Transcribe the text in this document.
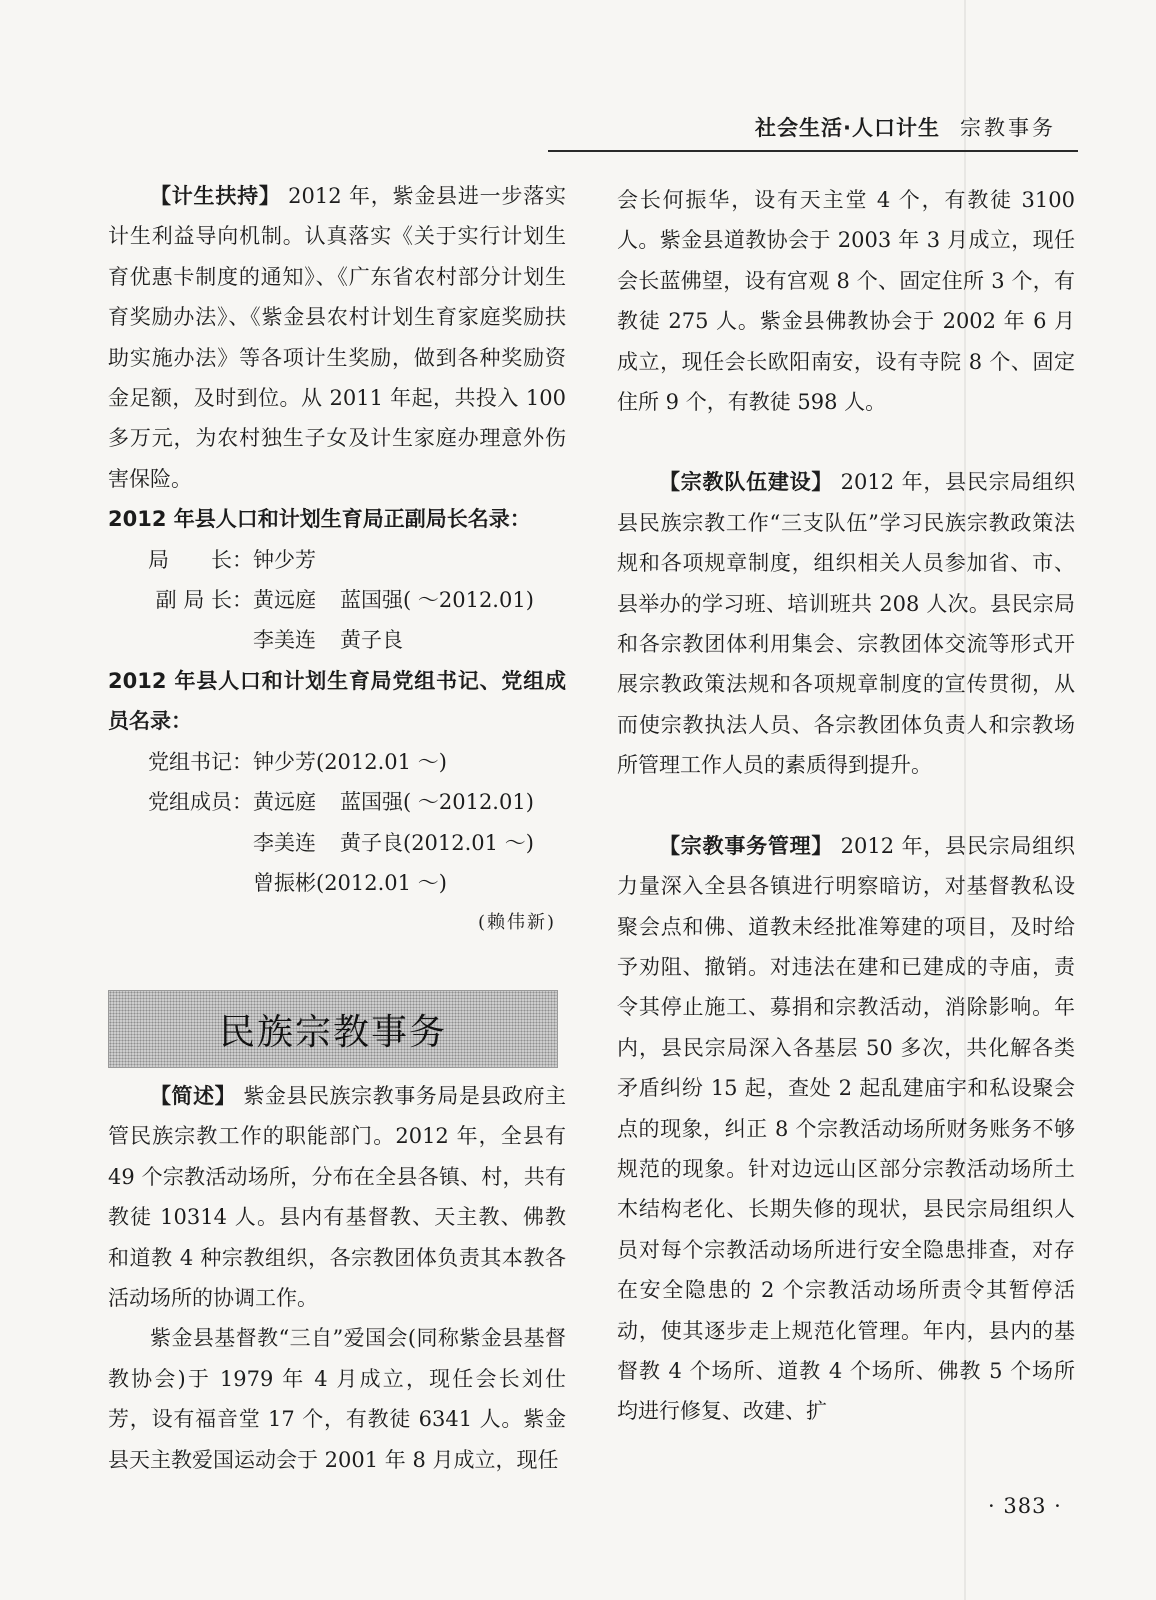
社会生活·人口计生 宗教事务

【计生扶持】 2012 年，紫金县进一步落实计生利益导向机制。认真落实《关于实行计划生育优惠卡制度的通知》、《广东省农村部分计划生育奖励办法》、《紫金县农村计划生育家庭奖励扶助实施办法》等各项计生奖励，做到各种奖励资金足额，及时到位。从 2011 年起，共投入 100 多万元，为农村独生子女及计生家庭办理意外伤害保险。

2012 年县人口和计划生育局正副局长名录：
局　　长： 钟少芳
副 局 长： 黄远庭 蓝国强( ～2012.01)
李美连 黄子良
2012 年县人口和计划生育局党组书记、党组成员名录：
党组书记： 钟少芳(2012.01 ～)
党组成员： 黄远庭 蓝国强( ～2012.01)
李美连 黄子良(2012.01 ～)
曾振彬(2012.01 ～)
(赖伟新)
民族宗教事务

【简述】 紫金县民族宗教事务局是县政府主管民族宗教工作的职能部门。2012 年，全县有 49 个宗教活动场所，分布在全县各镇、村，共有教徒 10314 人。县内有基督教、天主教、佛教和道教 4 种宗教组织，各宗教团体负责其本教各活动场所的协调工作。

紫金县基督教“三自”爱国会(同称紫金县基督教协会)于 1979 年 4 月成立，现任会长刘仕芳，设有福音堂 17 个，有教徒 6341 人。紫金县天主教爱国运动会于 2001 年 8 月成立，现任

会长何振华，设有天主堂 4 个，有教徒 3100 人。紫金县道教协会于 2003 年 3 月成立，现任会长蓝佛望，设有宫观 8 个、固定住所 3 个，有教徒 275 人。紫金县佛教协会于 2002 年 6 月成立，现任会长欧阳南安，设有寺院 8 个、固定住所 9 个，有教徒 598 人。

【宗教队伍建设】 2012 年，县民宗局组织县民族宗教工作“三支队伍”学习民族宗教政策法规和各项规章制度，组织相关人员参加省、市、县举办的学习班、培训班共 208 人次。县民宗局和各宗教团体利用集会、宗教团体交流等形式开展宗教政策法规和各项规章制度的宣传贯彻，从而使宗教执法人员、各宗教团体负责人和宗教场所管理工作人员的素质得到提升。

【宗教事务管理】 2012 年，县民宗局组织力量深入全县各镇进行明察暗访，对基督教私设聚会点和佛、道教未经批准筹建的项目，及时给予劝阻、撤销。对违法在建和已建成的寺庙，责令其停止施工、募捐和宗教活动，消除影响。年内，县民宗局深入各基层 50 多次，共化解各类矛盾纠纷 15 起，查处 2 起乱建庙宇和私设聚会点的现象，纠正 8 个宗教活动场所财务账务不够规范的现象。针对边远山区部分宗教活动场所土木结构老化、长期失修的现状，县民宗局组织人员对每个宗教活动场所进行安全隐患排查，对存在安全隐患的 2 个宗教活动场所责令其暂停活动，使其逐步走上规范化管理。年内，县内的基督教 4 个场所、道教 4 个场所、佛教 5 个场所均进行修复、改建、扩

· 383 ·
